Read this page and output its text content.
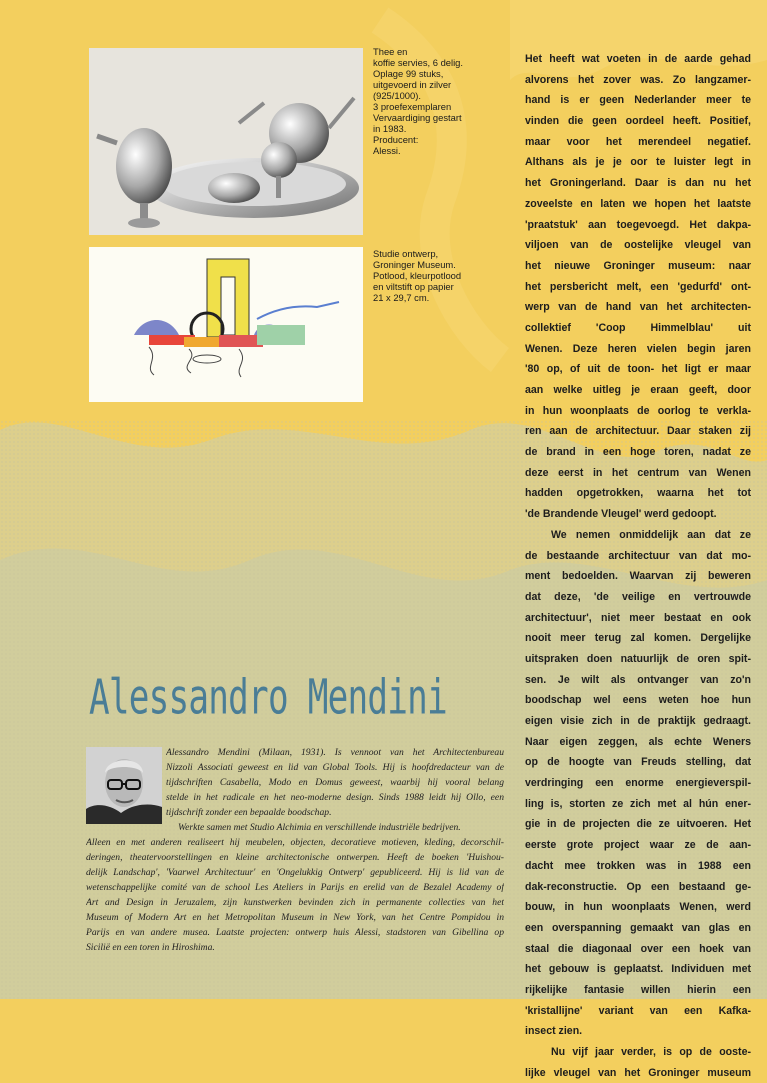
Thee en
koffie servies, 6 delig.
Oplage 99 stuks,
uitgevoerd in zilver
(925/1000).
3 proefexemplaren
Vervaardiging gestart
in 1983.
Producent:
Alessi.
Studie ontwerp,
Groninger Museum.
Potlood, kleurpotlood
en viltstift op papier
21 x 29,7 cm.
Het heeft wat voeten in de aarde gehad
alvorens het zover was. Zo langzamer-
hand is er geen Nederlander meer te
vinden die geen oordeel heeft. Positief,
maar voor het merendeel negatief.
Althans als je je oor te luister legt in
het Groningerland. Daar is dan nu het
zoveelste en laten we hopen het laatste
'praatstuk' aan toegevoegd. Het dakpa-
viljoen van de oostelijke vleugel van
het nieuwe Groninger museum: naar
het persbericht melt, een 'gedurfd' ont-
werp van de hand van het architecten-
collektief 'Coop Himmelblau' uit
Wenen. Deze heren vielen begin jaren
'80 op, of uit de toon- het ligt er maar
aan welke uitleg je eraan geeft, door
in hun woonplaats de oorlog te verkla-
ren aan de architectuur. Daar staken zij
de brand in een hoge toren, nadat ze
deze eerst in het centrum van Wenen
hadden opgetrokken, waarna het tot
'de Brandende Vleugel' werd gedoopt.
We nemen onmiddelijk aan dat ze
de bestaande architectuur van dat mo-
ment bedoelden. Waarvan zij beweren
dat deze, 'de veilige en vertrouwde
architectuur', niet meer bestaat en ook
nooit meer terug zal komen. Dergelijke
uitspraken doen natuurlijk de oren spit-
sen. Je wilt als ontvanger van zo'n
boodschap wel eens weten hoe hun
eigen visie zich in de praktijk gedraagt.
Naar eigen zeggen, als echte Weners
op de hoogte van Freuds stelling, dat
verdringing een enorme energieverspil-
ling is, storten ze zich met al hún ener-
gie in de projecten die ze uitvoeren. Het
eerste grote project waar ze de aan-
dacht mee trokken was in 1988 een
dak-reconstructie. Op een bestaand ge-
bouw, in hun woonplaats Wenen, werd
een overspanning gemaakt van glas en
staal die diagonaal over een hoek van
het gebouw is geplaatst. Individuen met
rijkelijke fantasie willen hierin een
'kristallijne' variant van een Kafka-
insect zien.
Nu vijf jaar verder, is op de ooste-
lijke vleugel van het Groninger museum
Alessandro Mendini
Alessandro Mendini (Milaan, 1931). Is vennoot van het Architectenbureau
Nizzoli Associati geweest en lid van Global Tools. Hij is hoofdredacteur van de
tijdschriften Casabella, Modo en Domus geweest, waarbij hij vooral belang
stelde in het radicale en het neo-moderne design. Sinds 1988 leidt hij Ollo, een
tijdschrift zonder een bepaalde boodschap.
Werkte samen met Studio Alchimia en verschillende industriële bedrijven.
Alleen en met anderen realiseert hij meubelen, objecten, decoratieve motieven, kleding, decorschil-
deringen, theatervoorstellingen en kleine architectonische ontwerpen. Heeft de boeken 'Huishou-
delijk Landschap', 'Vaarwel Architectuur' en 'Ongelukkig Ontwerp' gepubliceerd. Hij is lid van de
wetenschappelijke comité van de school Les Ateliers in Parijs en erelid van de Bezalel Academy of
Art and Design in Jeruzalem, zijn kunstwerken bevinden zich in permanente collecties van het
Museum of Modern Art en het Metropolitan Museum in New York, van het Centre Pompidou in
Parijs en van andere musea. Laatste projecten: ontwerp huis Alessi, stadstoren van Gibellina op
Sicilië en een toren in Hiroshima.
